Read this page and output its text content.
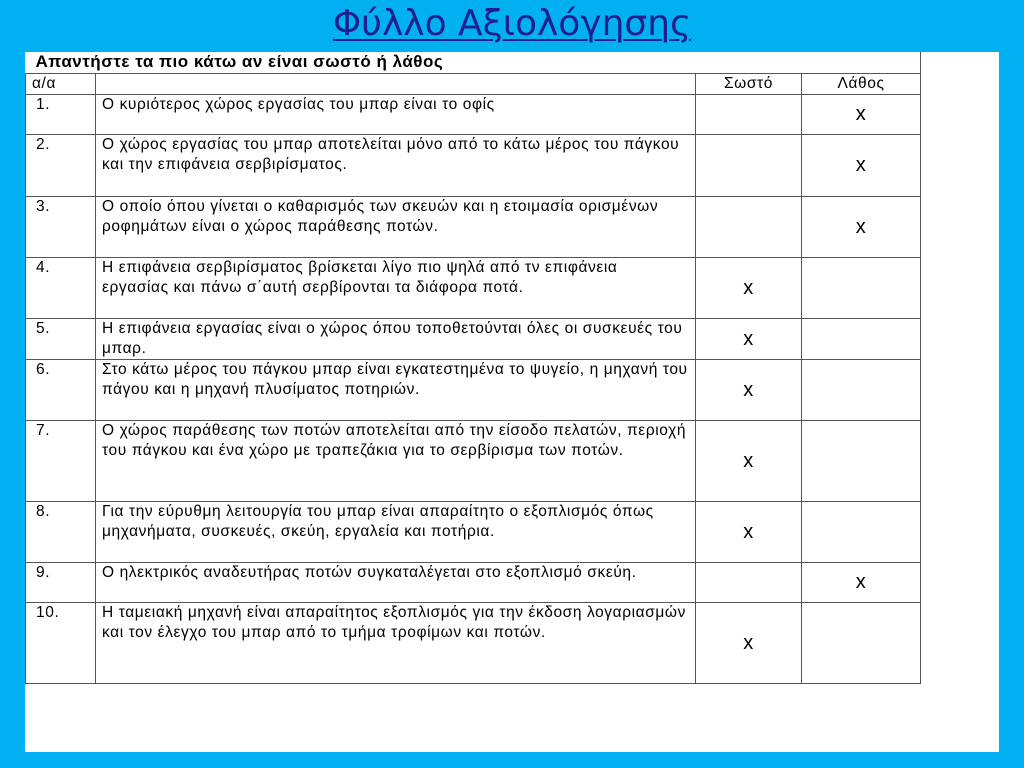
Φύλλο Αξιολόγησης
Απαντήστε τα πιο κάτω αν είναι σωστό ή λάθος			
α/α		Σωστό	Λάθος
1.	Ο κυριότερος χώρος εργασίας του μπαρ είναι το οφίς		x
2.	Ο χώρος εργασίας του μπαρ αποτελείται μόνο από το κάτω μέρος του πάγκου και την επιφάνεια σερβιρίσματος.		x
3.	Ο οποίο όπου γίνεται ο καθαρισμός των σκευών και η ετοιμασία ορισμένων ροφημάτων είναι ο χώρος παράθεσης ποτών.		x
4.	Η επιφάνεια σερβιρίσματος βρίσκεται λίγο πιο ψηλά από τν επιφάνεια εργασίας και πάνω σ΄αυτή σερβίρονται τα διάφορα ποτά.	x	
5.	Η επιφάνεια εργασίας είναι ο χώρος όπου τοποθετούνται όλες οι συσκευές του μπαρ.	x	
6.	Στο κάτω μέρος του πάγκου μπαρ είναι εγκατεστημένα το ψυγείο, η μηχανή του πάγου και η μηχανή πλυσίματος ποτηριών.	x	
7.	Ο χώρος παράθεσης των ποτών αποτελείται από την είσοδο πελατών, περιοχή του πάγκου και ένα χώρο με τραπεζάκια για το σερβίρισμα των ποτών.	x	
8.	Για την εύρυθμη λειτουργία του μπαρ είναι απαραίτητο ο εξοπλισμός όπως μηχανήματα, συσκευές, σκεύη, εργαλεία και ποτήρια.	x	
9.	Ο ηλεκτρικός αναδευτήρας ποτών συγκαταλέγεται στο εξοπλισμό σκεύη.		x
10.	Η ταμειακή μηχανή είναι απαραίτητος εξοπλισμός για την έκδοση λογαριασμών και τον έλεγχο του μπαρ από το τμήμα τροφίμων και ποτών.	x	
